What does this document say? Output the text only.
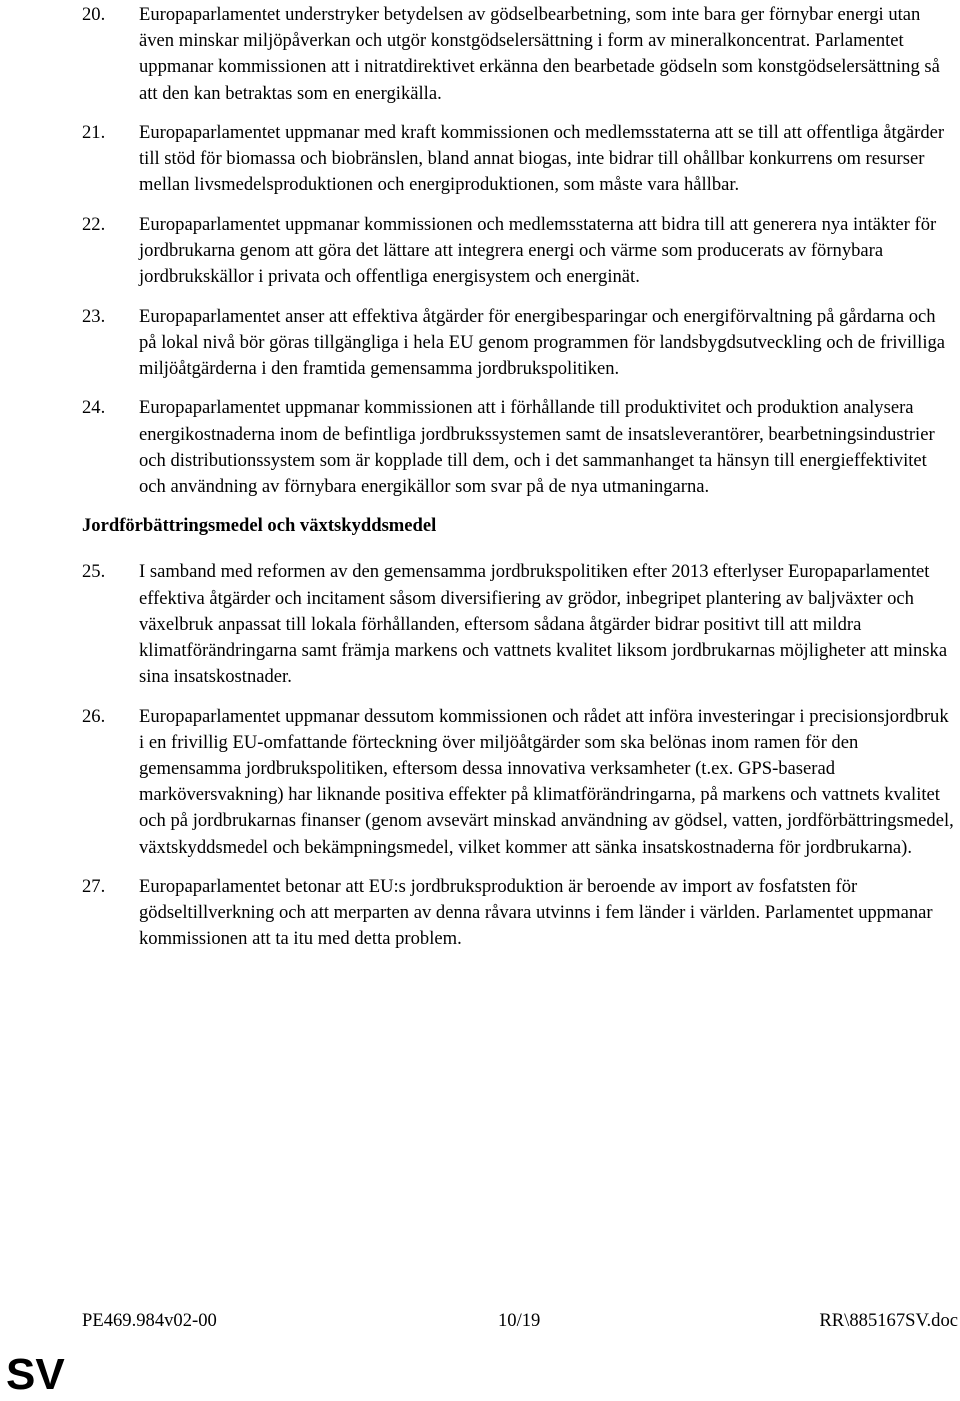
20.	Europaparlamentet understryker betydelsen av gödselbearbetning, som inte bara ger förnybar energi utan även minskar miljöpåverkan och utgör konstgödselersättning i form av mineralkoncentrat. Parlamentet uppmanar kommissionen att i nitratdirektivet erkänna den bearbetade gödseln som konstgödselersättning så att den kan betraktas som en energikälla.
21.	Europaparlamentet uppmanar med kraft kommissionen och medlemsstaterna att se till att offentliga åtgärder till stöd för biomassa och biobränslen, bland annat biogas, inte bidrar till ohållbar konkurrens om resurser mellan livsmedelsproduktionen och energiproduktionen, som måste vara hållbar.
22.	Europaparlamentet uppmanar kommissionen och medlemsstaterna att bidra till att generera nya intäkter för jordbrukarna genom att göra det lättare att integrera energi och värme som producerats av förnybara jordbrukskällor i privata och offentliga energisystem och energinät.
23.	Europaparlamentet anser att effektiva åtgärder för energibesparingar och energiförvaltning på gårdarna och på lokal nivå bör göras tillgängliga i hela EU genom programmen för landsbygdsutveckling och de frivilliga miljöåtgärderna i den framtida gemensamma jordbrukspolitiken.
24.	Europaparlamentet uppmanar kommissionen att i förhållande till produktivitet och produktion analysera energikostnaderna inom de befintliga jordbrukssystemen samt de insatsleverantörer, bearbetningsindustrier och distributionssystem som är kopplade till dem, och i det sammanhanget ta hänsyn till energieffektivitet och användning av förnybara energikällor som svar på de nya utmaningarna.
Jordförbättringsmedel och växtskyddsmedel
25.	I samband med reformen av den gemensamma jordbrukspolitiken efter 2013 efterlyser Europaparlamentet effektiva åtgärder och incitament såsom diversifiering av grödor, inbegripet plantering av baljväxter och växelbruk anpassat till lokala förhållanden, eftersom sådana åtgärder bidrar positivt till att mildra klimatförändringarna samt främja markens och vattnets kvalitet liksom jordbrukarnas möjligheter att minska sina insatskostnader.
26.	Europaparlamentet uppmanar dessutom kommissionen och rådet att införa investeringar i precisionsjordbruk i en frivillig EU-omfattande förteckning över miljöåtgärder som ska belönas inom ramen för den gemensamma jordbrukspolitiken, eftersom dessa innovativa verksamheter (t.ex. GPS-baserad marköversvakning) har liknande positiva effekter på klimatförändringarna, på markens och vattnets kvalitet och på jordbrukarnas finanser (genom avsevärt minskad användning av gödsel, vatten, jordförbättringsmedel, växtskyddsmedel och bekämpningsmedel, vilket kommer att sänka insatskostnaderna för jordbrukarna).
27.	Europaparlamentet betonar att EU:s jordbruksproduktion är beroende av import av fosfatsten för gödseltillverkning och att merparten av denna råvara utvinns i fem länder i världen. Parlamentet uppmanar kommissionen att ta itu med detta problem.
PE469.984v02-00	10/19	RR\885167SV.doc
SV
